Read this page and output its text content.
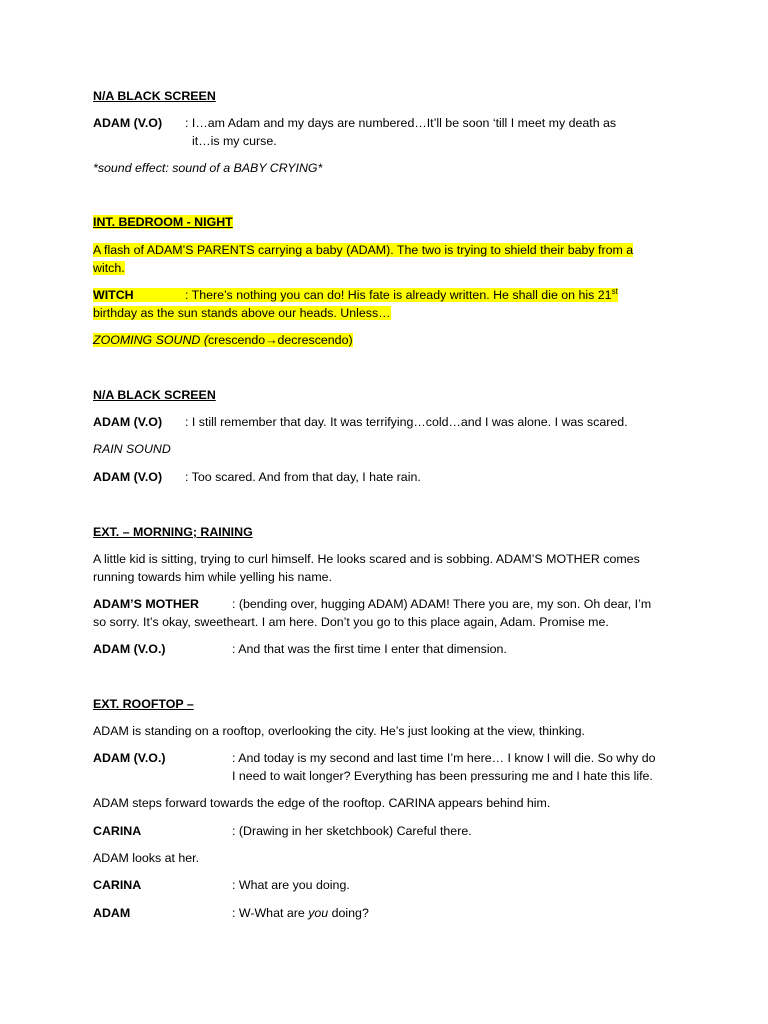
N/A BLACK SCREEN
ADAM (V.O) : I…am Adam and my days are numbered…It’ll be soon ‘till I meet my death as
it…is my curse.
*sound effect: sound of a BABY CRYING*
INT. BEDROOM - NIGHT
A flash of ADAM’S PARENTS carrying a baby (ADAM). The two is trying to shield their baby from a
witch.
WITCH	: There’s nothing you can do! His fate is already written. He shall die on his 21st
birthday as the sun stands above our heads. Unless…
ZOOMING SOUND (crescendo→decrescendo)
N/A BLACK SCREEN
ADAM (V.O) : I still remember that day. It was terrifying…cold…and I was alone. I was scared.
RAIN SOUND
ADAM (V.O) : Too scared. And from that day, I hate rain.
EXT. – MORNING; RAINING
A little kid is sitting, trying to curl himself. He looks scared and is sobbing. ADAM’S MOTHER comes
running towards him while yelling his name.
ADAM’S MOTHER	: (bending over, hugging ADAM) ADAM! There you are, my son. Oh dear, I’m
so sorry. It’s okay, sweetheart. I am here. Don’t you go to this place again, Adam. Promise me.
ADAM (V.O.)	: And that was the first time I enter that dimension.
EXT. ROOFTOP –
ADAM is standing on a rooftop, overlooking the city. He’s just looking at the view, thinking.
ADAM (V.O.)	: And today is my second and last time I’m here… I know I will die. So why do
I need to wait longer? Everything has been pressuring me and I hate this life.
ADAM steps forward towards the edge of the rooftop. CARINA appears behind him.
CARINA	: (Drawing in her sketchbook) Careful there.
ADAM looks at her.
CARINA	: What are you doing.
ADAM	: W-What are you doing?
